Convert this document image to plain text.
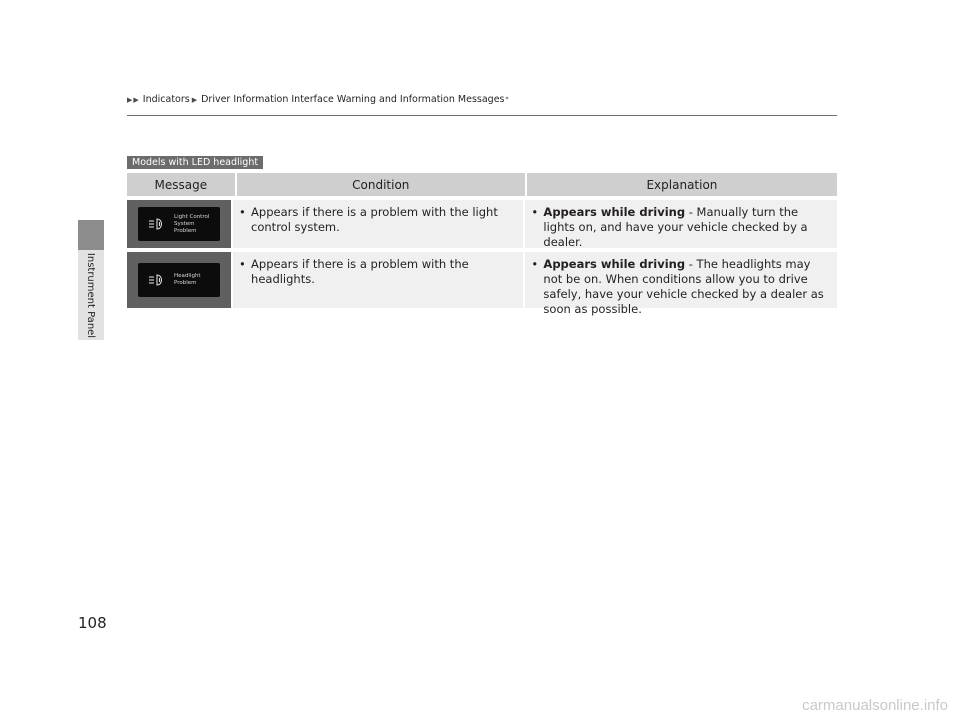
Instrument Panel
▶ ▶ Indicators ▶ Driver Information Interface Warning and Information Messages *
Models with LED headlight
Message	Condition	Explanation
Light Control
System
Problem
• Appears if there is a problem with the light control system.
• Appears while driving - Manually turn the lights on, and have your vehicle checked by a dealer.
Headlight
Problem
• Appears if there is a problem with the headlights.
• Appears while driving - The headlights may not be on. When conditions allow you to drive safely, have your vehicle checked by a dealer as soon as possible.
108
carmanualsonline.info
